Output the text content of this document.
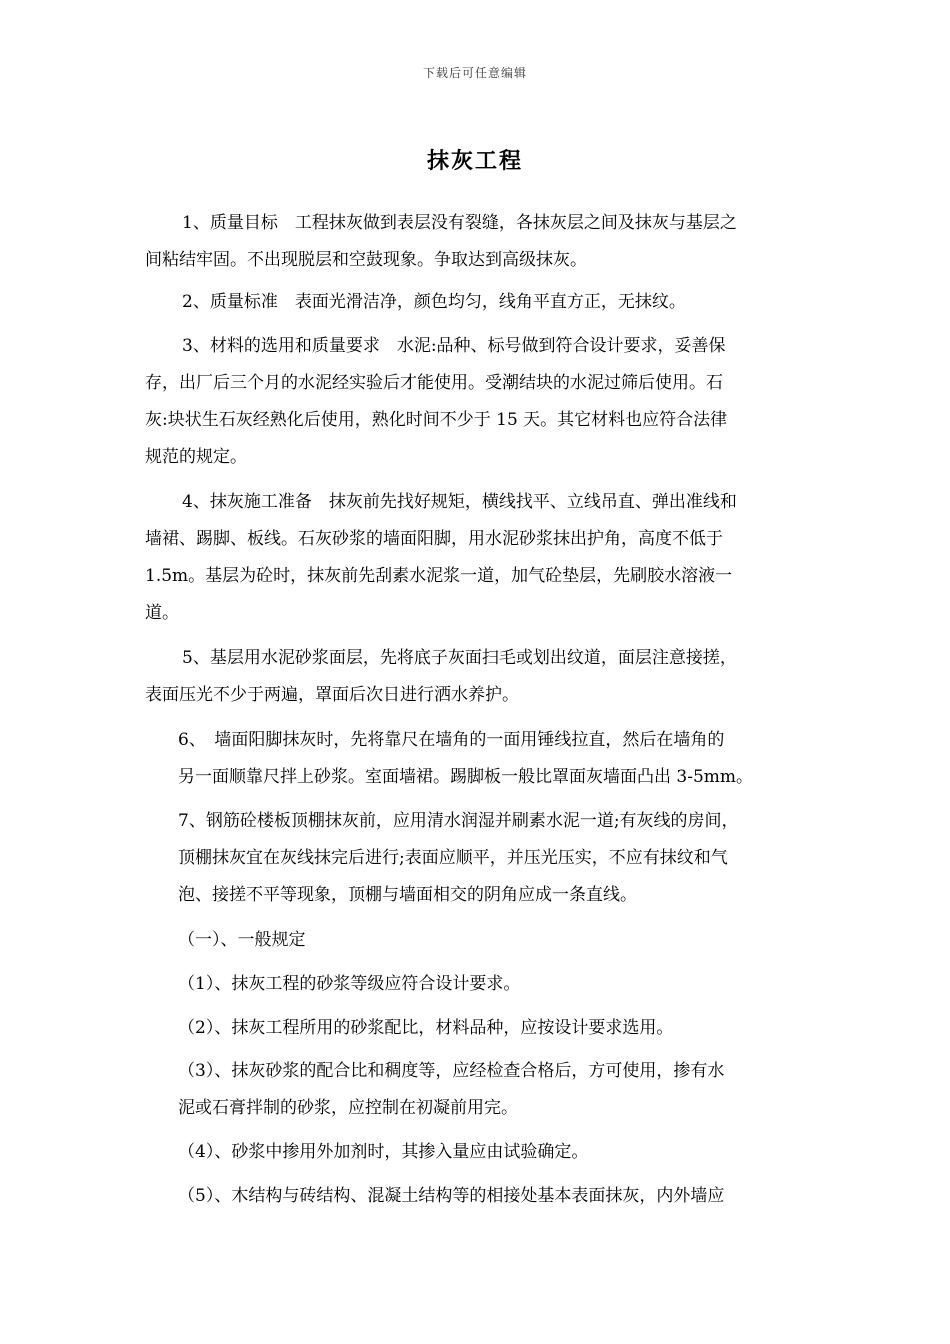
下载后可任意编辑
抹灰工程
1、质量目标　工程抹灰做到表层没有裂缝，各抹灰层之间及抹灰与基层之
间粘结牢固。不出现脱层和空鼓现象。争取达到高级抹灰。
2、质量标准　表面光滑洁净，颜色均匀，线角平直方正，无抹纹。
3、材料的选用和质量要求　水泥:品种、标号做到符合设计要求，妥善保
存，出厂后三个月的水泥经实验后才能使用。受潮结块的水泥过筛后使用。石
灰:块状生石灰经熟化后使用，熟化时间不少于 15 天。其它材料也应符合法律
规范的规定。
4、抹灰施工准备　抹灰前先找好规矩，横线找平、立线吊直、弹出准线和
墙裙、踢脚、板线。石灰砂浆的墙面阳脚，用水泥砂浆抹出护角，高度不低于
1.5m。基层为砼时，抹灰前先刮素水泥浆一道，加气砼垫层，先刷胶水溶液一
道。
5、基层用水泥砂浆面层，先将底子灰面扫毛或划出纹道，面层注意接搓，
表面压光不少于两遍，罩面后次日进行洒水养护。
6、　墙面阳脚抹灰时，先将靠尺在墙角的一面用锤线拉直，然后在墙角的
另一面顺靠尺拌上砂浆。室面墙裙。踢脚板一般比罩面灰墙面凸出 3-5mm。
7、钢筋砼楼板顶棚抹灰前，应用清水润湿并刷素水泥一道;有灰线的房间，
顶棚抹灰宜在灰线抹完后进行;表面应顺平，并压光压实，不应有抹纹和气
泡、接搓不平等现象，顶棚与墙面相交的阴角应成一条直线。
（一）、一般规定
（1）、抹灰工程的砂浆等级应符合设计要求。
（2）、抹灰工程所用的砂浆配比，材料品种，应按设计要求选用。
（3）、抹灰砂浆的配合比和稠度等，应经检查合格后，方可使用，掺有水
泥或石膏拌制的砂浆，应控制在初凝前用完。
（4）、砂浆中掺用外加剂时，其掺入量应由试验确定。
（5）、木结构与砖结构、混凝土结构等的相接处基本表面抹灰，内外墙应
